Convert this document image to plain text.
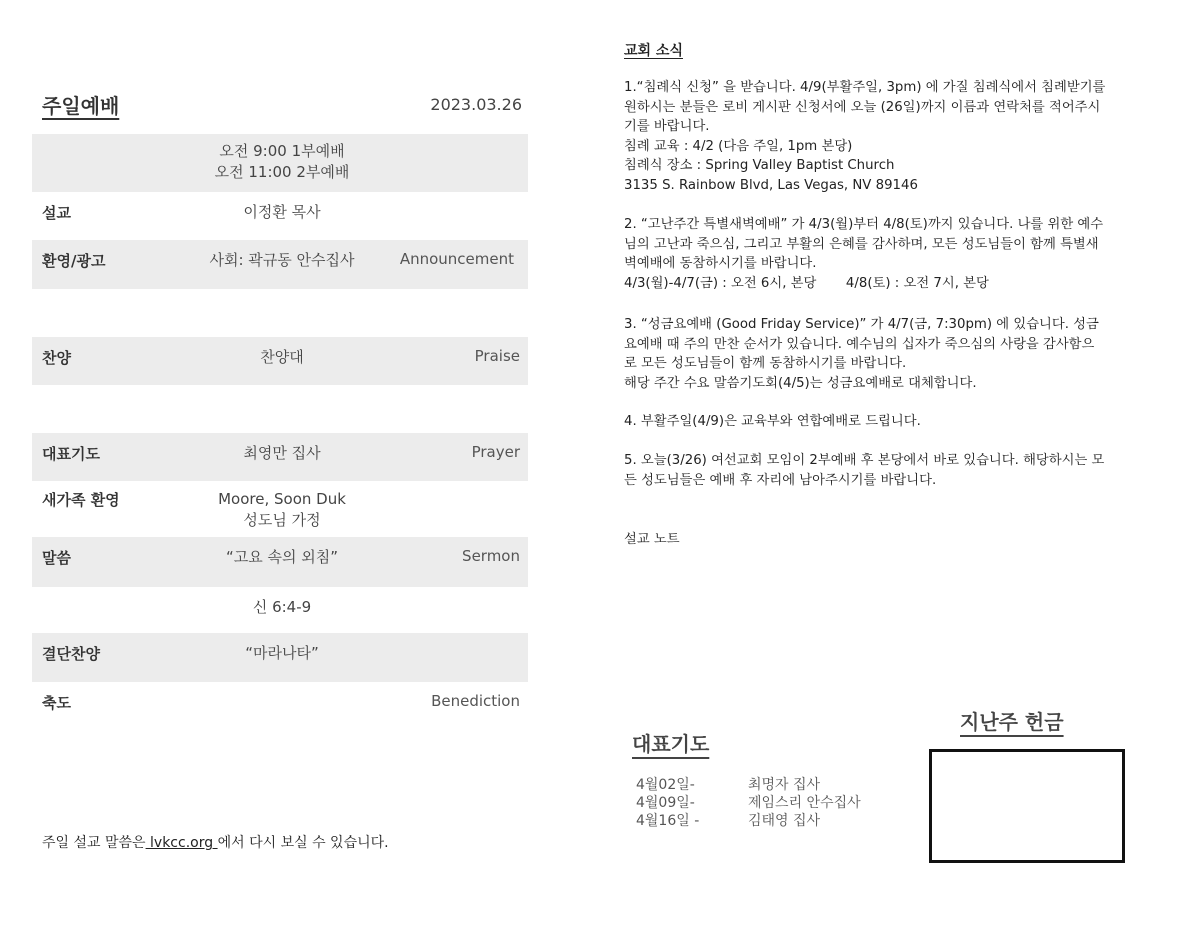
주일예배	2023.03.26
오전 9:00 1부예배
오전 11:00 2부예배
설교	이정환 목사
환영/광고	사회: 곽규동 안수집사	Announcement
찬양	찬양대	Praise
대표기도	최영만 집사	Prayer
새가족 환영	Moore, Soon Duk
성도님 가정
말씀	“고요 속의 외침”	Sermon
신 6:4-9
결단찬양	“마라나타”
축도	Benediction
주일 설교 말씀은 lvkcc.org 에서 다시 보실 수 있습니다.
교회 소식
1.“침례식 신청” 을 받습니다. 4/9(부활주일, 3pm) 에 가질 침례식에서 침례받기를
원하시는 분들은 로비 게시판 신청서에 오늘 (26일)까지 이름과 연락처를 적어주시
기를 바랍니다.
침례 교육 : 4/2 (다음 주일, 1pm 본당)
침례식 장소 : Spring Valley Baptist Church
3135 S. Rainbow Blvd, Las Vegas, NV 89146
2. “고난주간 특별새벽예배” 가 4/3(월)부터 4/8(토)까지 있습니다. 나를 위한 예수
님의 고난과 죽으심, 그리고 부활의 은혜를 감사하며, 모든 성도님들이 함께 특별새
벽예배에 동참하시기를 바랍니다.
4/3(월)-4/7(금) : 오전 6시, 본당       4/8(토) : 오전 7시, 본당
3. “성금요예배 (Good Friday Service)” 가 4/7(금, 7:30pm) 에 있습니다. 성금
요예배 때 주의 만찬 순서가 있습니다. 예수님의 십자가 죽으심의 사랑을 감사함으
로 모든 성도님들이 함께 동참하시기를 바랍니다.
해당 주간 수요 말씀기도회(4/5)는 성금요예배로 대체합니다.
4. 부활주일(4/9)은 교육부와 연합예배로 드립니다.
5. 오늘(3/26) 여선교회 모임이 2부예배 후 본당에서 바로 있습니다. 해당하시는 모
든 성도님들은 예배 후 자리에 남아주시기를 바랍니다.
설교 노트
대표기도
4월02일-	최명자 집사
4월09일-	제임스리 안수집사
4월16일 -	김태영 집사
지난주 헌금
